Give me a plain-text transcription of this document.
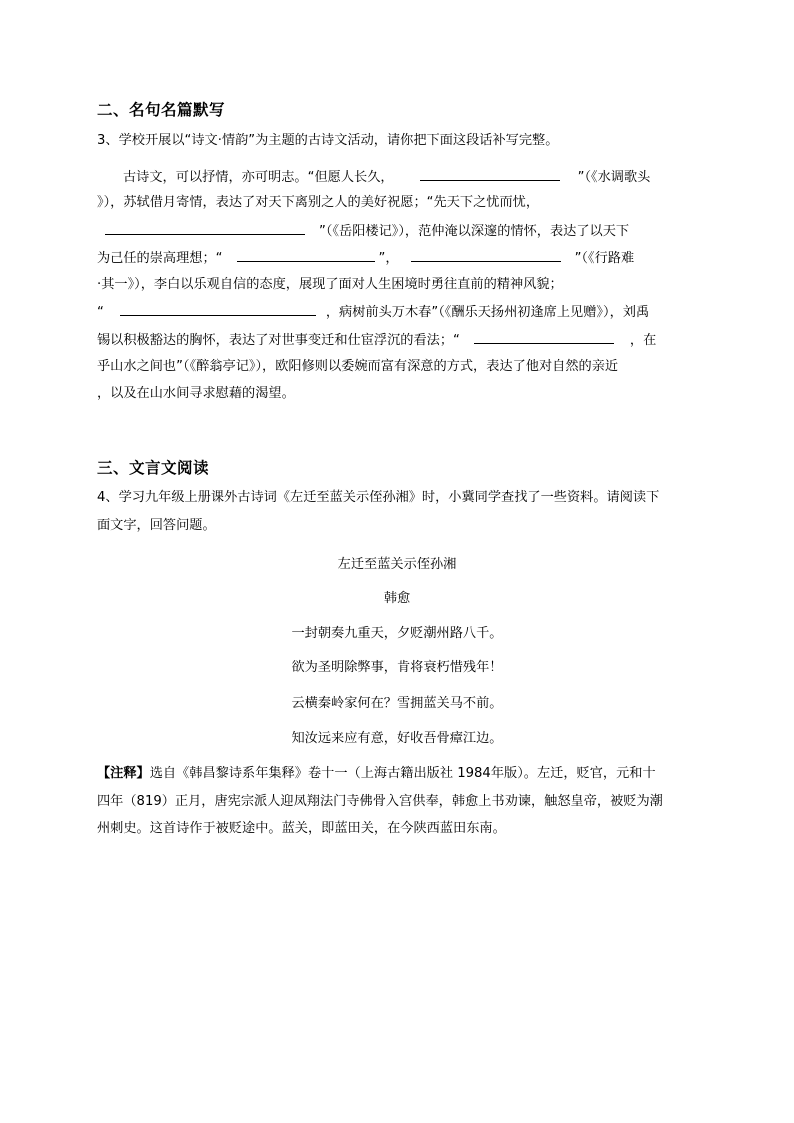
二、名句名篇默写
3、学校开展以“诗文·情韵”为主题的古诗文活动，请你把下面这段话补写完整。
古诗文，可以抒情，亦可明志。“但愿人长久，	”（《水调歌头
》），苏轼借月寄情，表达了对天下离别之人的美好祝愿；“先天下之忧而忧，
”（《岳阳楼记》），范仲淹以深邃的情怀，表达了以天下
为己任的崇高理想；“	”，	”（《行路难
·其一》），李白以乐观自信的态度，展现了面对人生困境时勇往直前的精神风貌；
“	，病树前头万木春”（《酬乐天扬州初逢席上见赠》），刘禹
锡以积极豁达的胸怀，表达了对世事变迁和仕宦浮沉的看法；“	，在
乎山水之间也”（《醉翁亭记》），欧阳修则以委婉而富有深意的方式，表达了他对自然的亲近
，以及在山水间寻求慰藉的渴望。
三、文言文阅读
4、学习九年级上册课外古诗词《左迁至蓝关示侄孙湘》时，小冀同学查找了一些资料。请阅读下
面文字，回答问题。
左迁至蓝关示侄孙湘
韩愈
一封朝奏九重天，夕贬潮州路八千。
欲为圣明除弊事，肯将衰朽惜残年！
云横秦岭家何在？雪拥蓝关马不前。
知汝远来应有意，好收吾骨瘴江边。
【注释】选自《韩昌黎诗系年集释》卷十一（上海古籍出版社 1984年版）。左迁，贬官，元和十
四年（819）正月，唐宪宗派人迎凤翔法门寺佛骨入宫供奉，韩愈上书劝谏，触怒皇帝，被贬为潮
州刺史。这首诗作于被贬途中。蓝关，即蓝田关，在今陕西蓝田东南。
